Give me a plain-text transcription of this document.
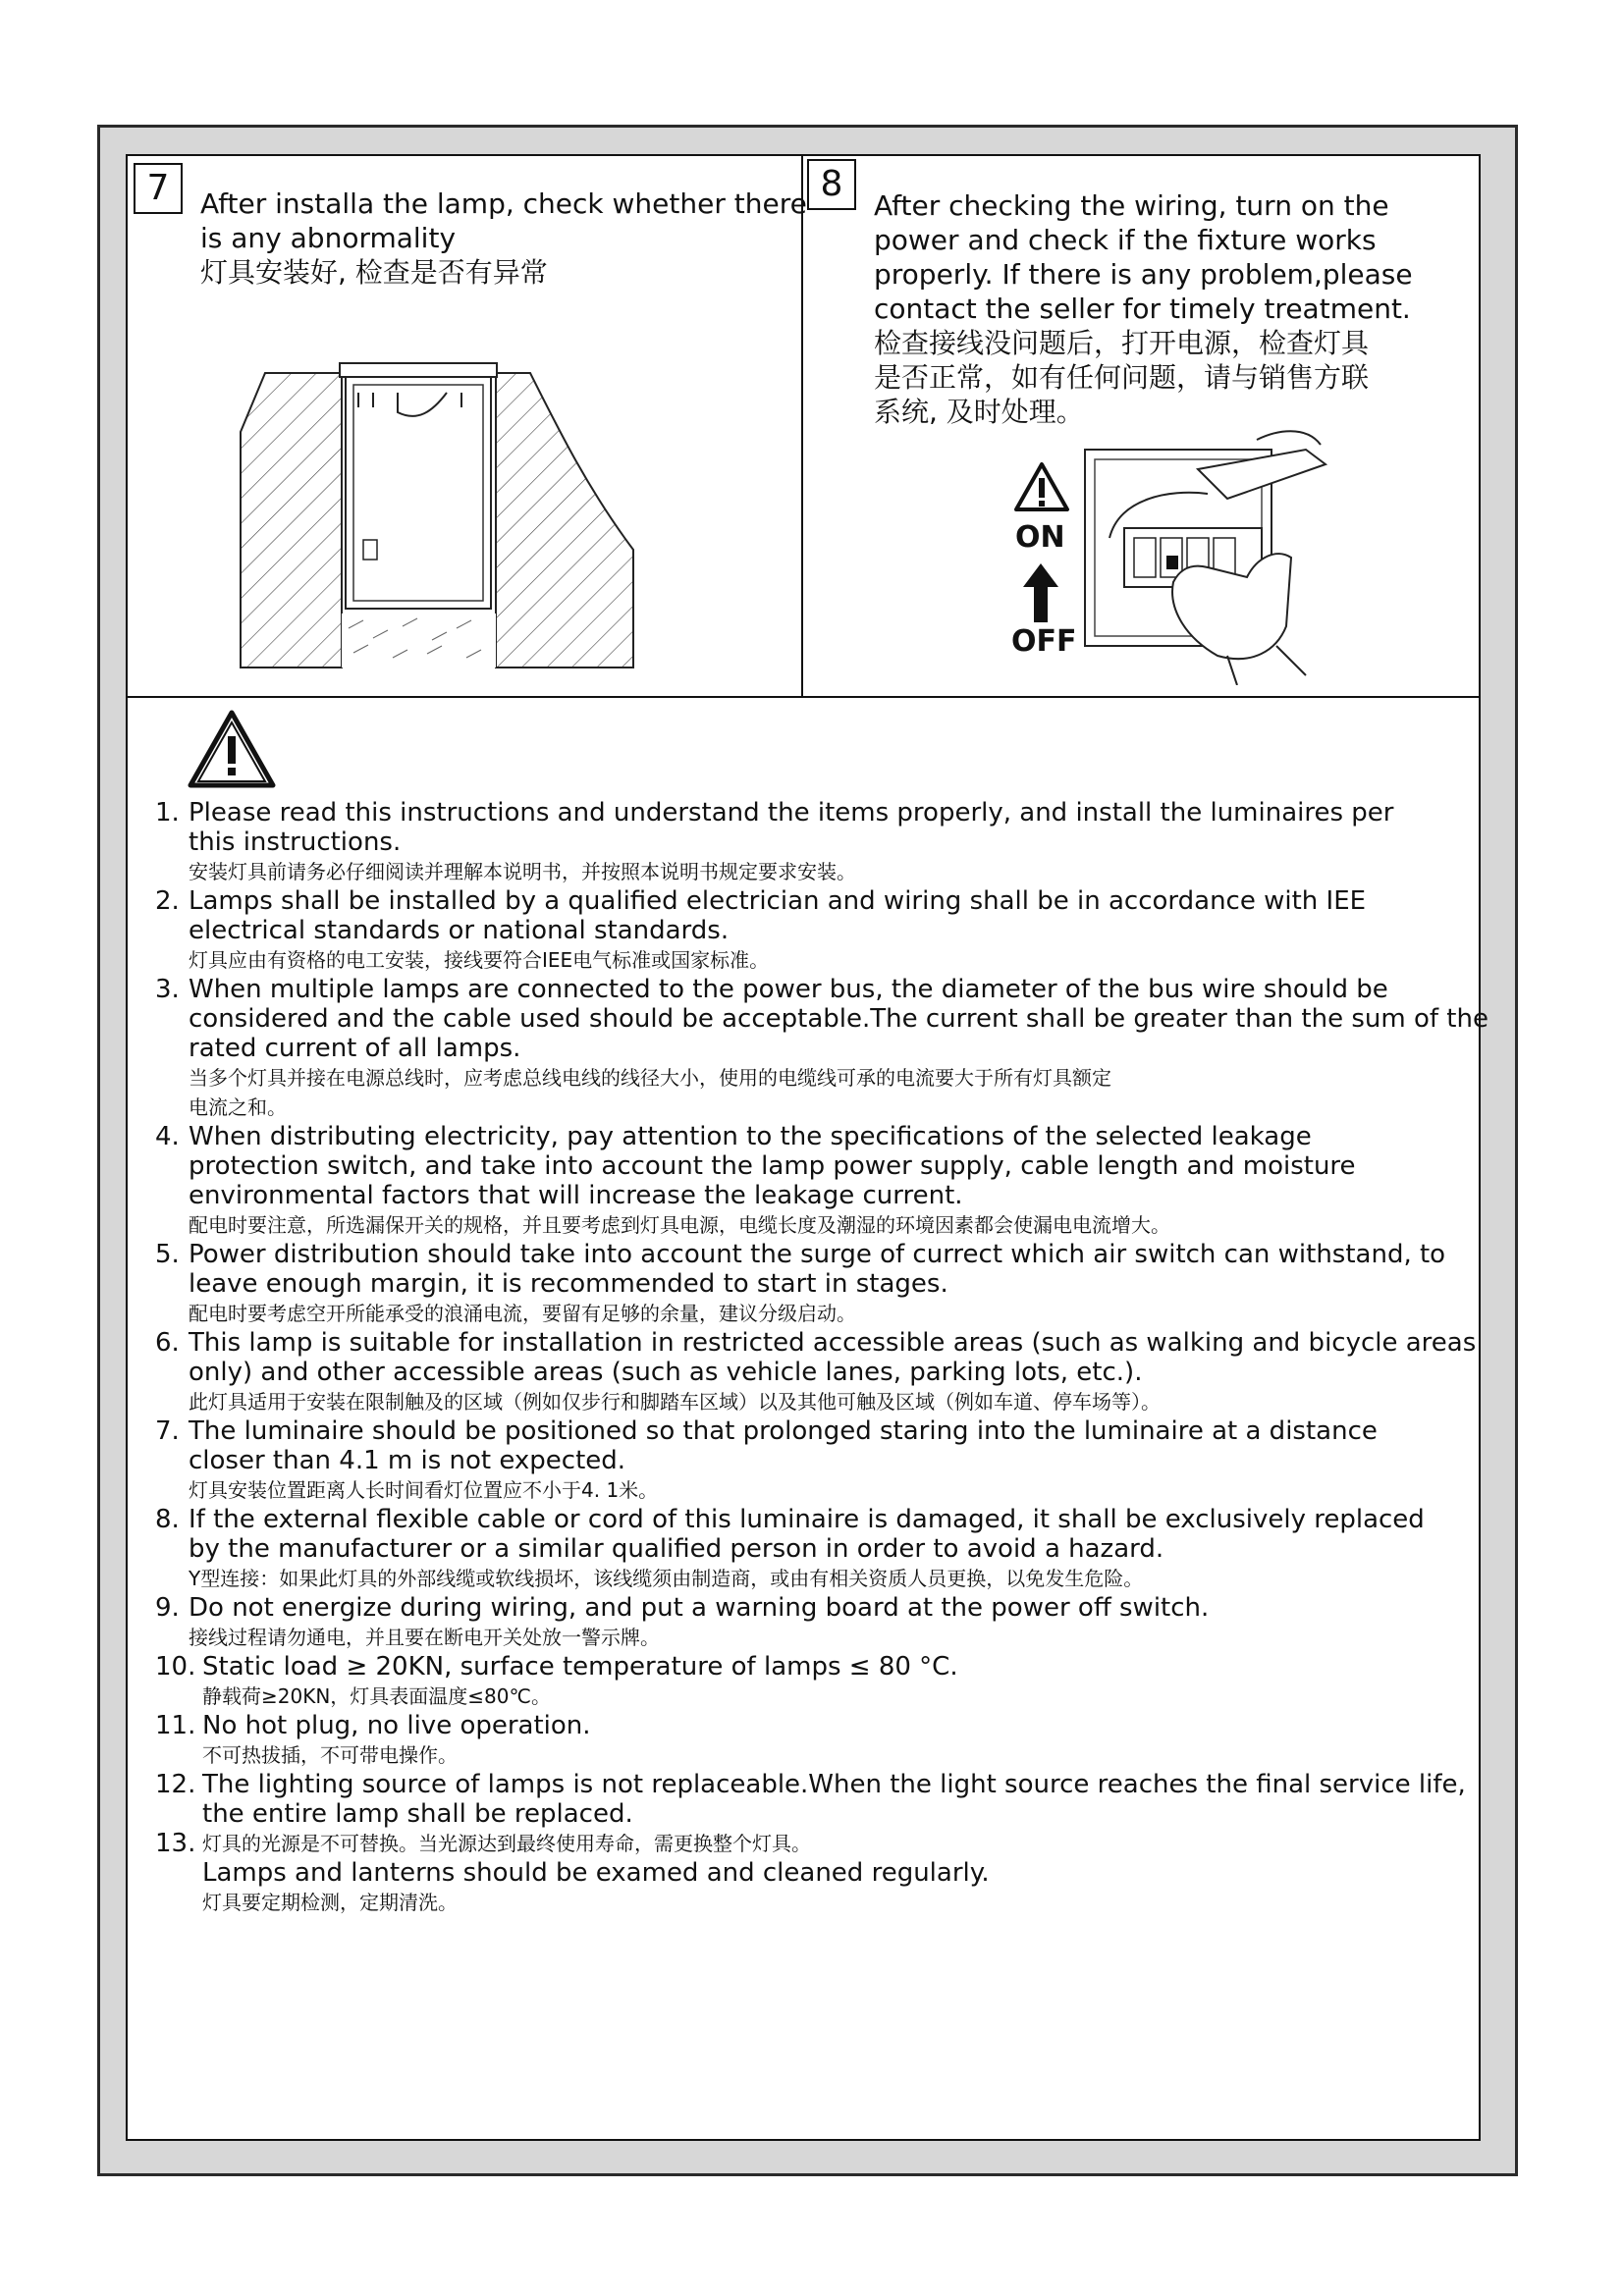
7	After installa the lamp, check whether there
is any abnormality
灯具安装好, 检查是否有异常
8
After checking the wiring, turn on the
power and check if the fixture works
properly. If there is any problem,please
contact the seller for timely treatment.
检查接线没问题后，打开电源，检查灯具
是否正常，如有任何问题，请与销售方联
系统, 及时处理。
ON
OFF
1. Please read this instructions and understand the items properly, and install the luminaires per
this instructions.
安装灯具前请务必仔细阅读并理解本说明书，并按照本说明书规定要求安装。
2. Lamps shall be installed by a qualified electrician and wiring shall be in accordance with IEE
electrical standards or national standards.
灯具应由有资格的电工安装，接线要符合IEE电气标准或国家标准。
3. When multiple lamps are connected to the power bus, the diameter of the bus wire should be
considered and the cable used should be acceptable.The current shall be greater than the sum of the
rated current of all lamps.
当多个灯具并接在电源总线时，应考虑总线电线的线径大小，使用的电缆线可承的电流要大于所有灯具额定
电流之和。
4. When distributing electricity, pay attention to the specifications of the selected leakage
protection switch, and take into account the lamp power supply, cable length and moisture
environmental factors that will increase the leakage current.
配电时要注意，所选漏保开关的规格，并且要考虑到灯具电源，电缆长度及潮湿的环境因素都会使漏电电流增大。
5. Power distribution should take into account the surge of currect which air switch can withstand, to
leave enough margin, it is recommended to start in stages.
配电时要考虑空开所能承受的浪涌电流，要留有足够的余量，建议分级启动。
6. This lamp is suitable for installation in restricted accessible areas (such as walking and bicycle areas
only) and other accessible areas (such as vehicle lanes, parking lots, etc.).
此灯具适用于安装在限制触及的区域（例如仅步行和脚踏车区域）以及其他可触及区域（例如车道、停车场等）。
7. The luminaire should be positioned so that prolonged staring into the luminaire at a distance
closer than 4.1 m is not expected.
灯具安装位置距离人长时间看灯位置应不小于4. 1米。
8. If the external flexible cable or cord of this luminaire is damaged, it shall be exclusively replaced
by the manufacturer or a similar qualified person in order to avoid a hazard.
Y型连接：如果此灯具的外部线缆或软线损坏，该线缆须由制造商，或由有相关资质人员更换，以免发生危险。
9. Do not energize during wiring, and put a warning board at the power off switch.
接线过程请勿通电，并且要在断电开关处放一警示牌。
10. Static load ≥ 20KN, surface temperature of lamps ≤ 80 °C.
静载荷≥20KN，灯具表面温度≤80℃。
11. No hot plug, no live operation.
不可热拔插，不可带电操作。
12. The lighting source of lamps is not replaceable.When the light source reaches the final service life,
the entire lamp shall be replaced.
13. 灯具的光源是不可替换。当光源达到最终使用寿命，需更换整个灯具。
Lamps and lanterns should be examed and cleaned regularly.
灯具要定期检测，定期清洗。
